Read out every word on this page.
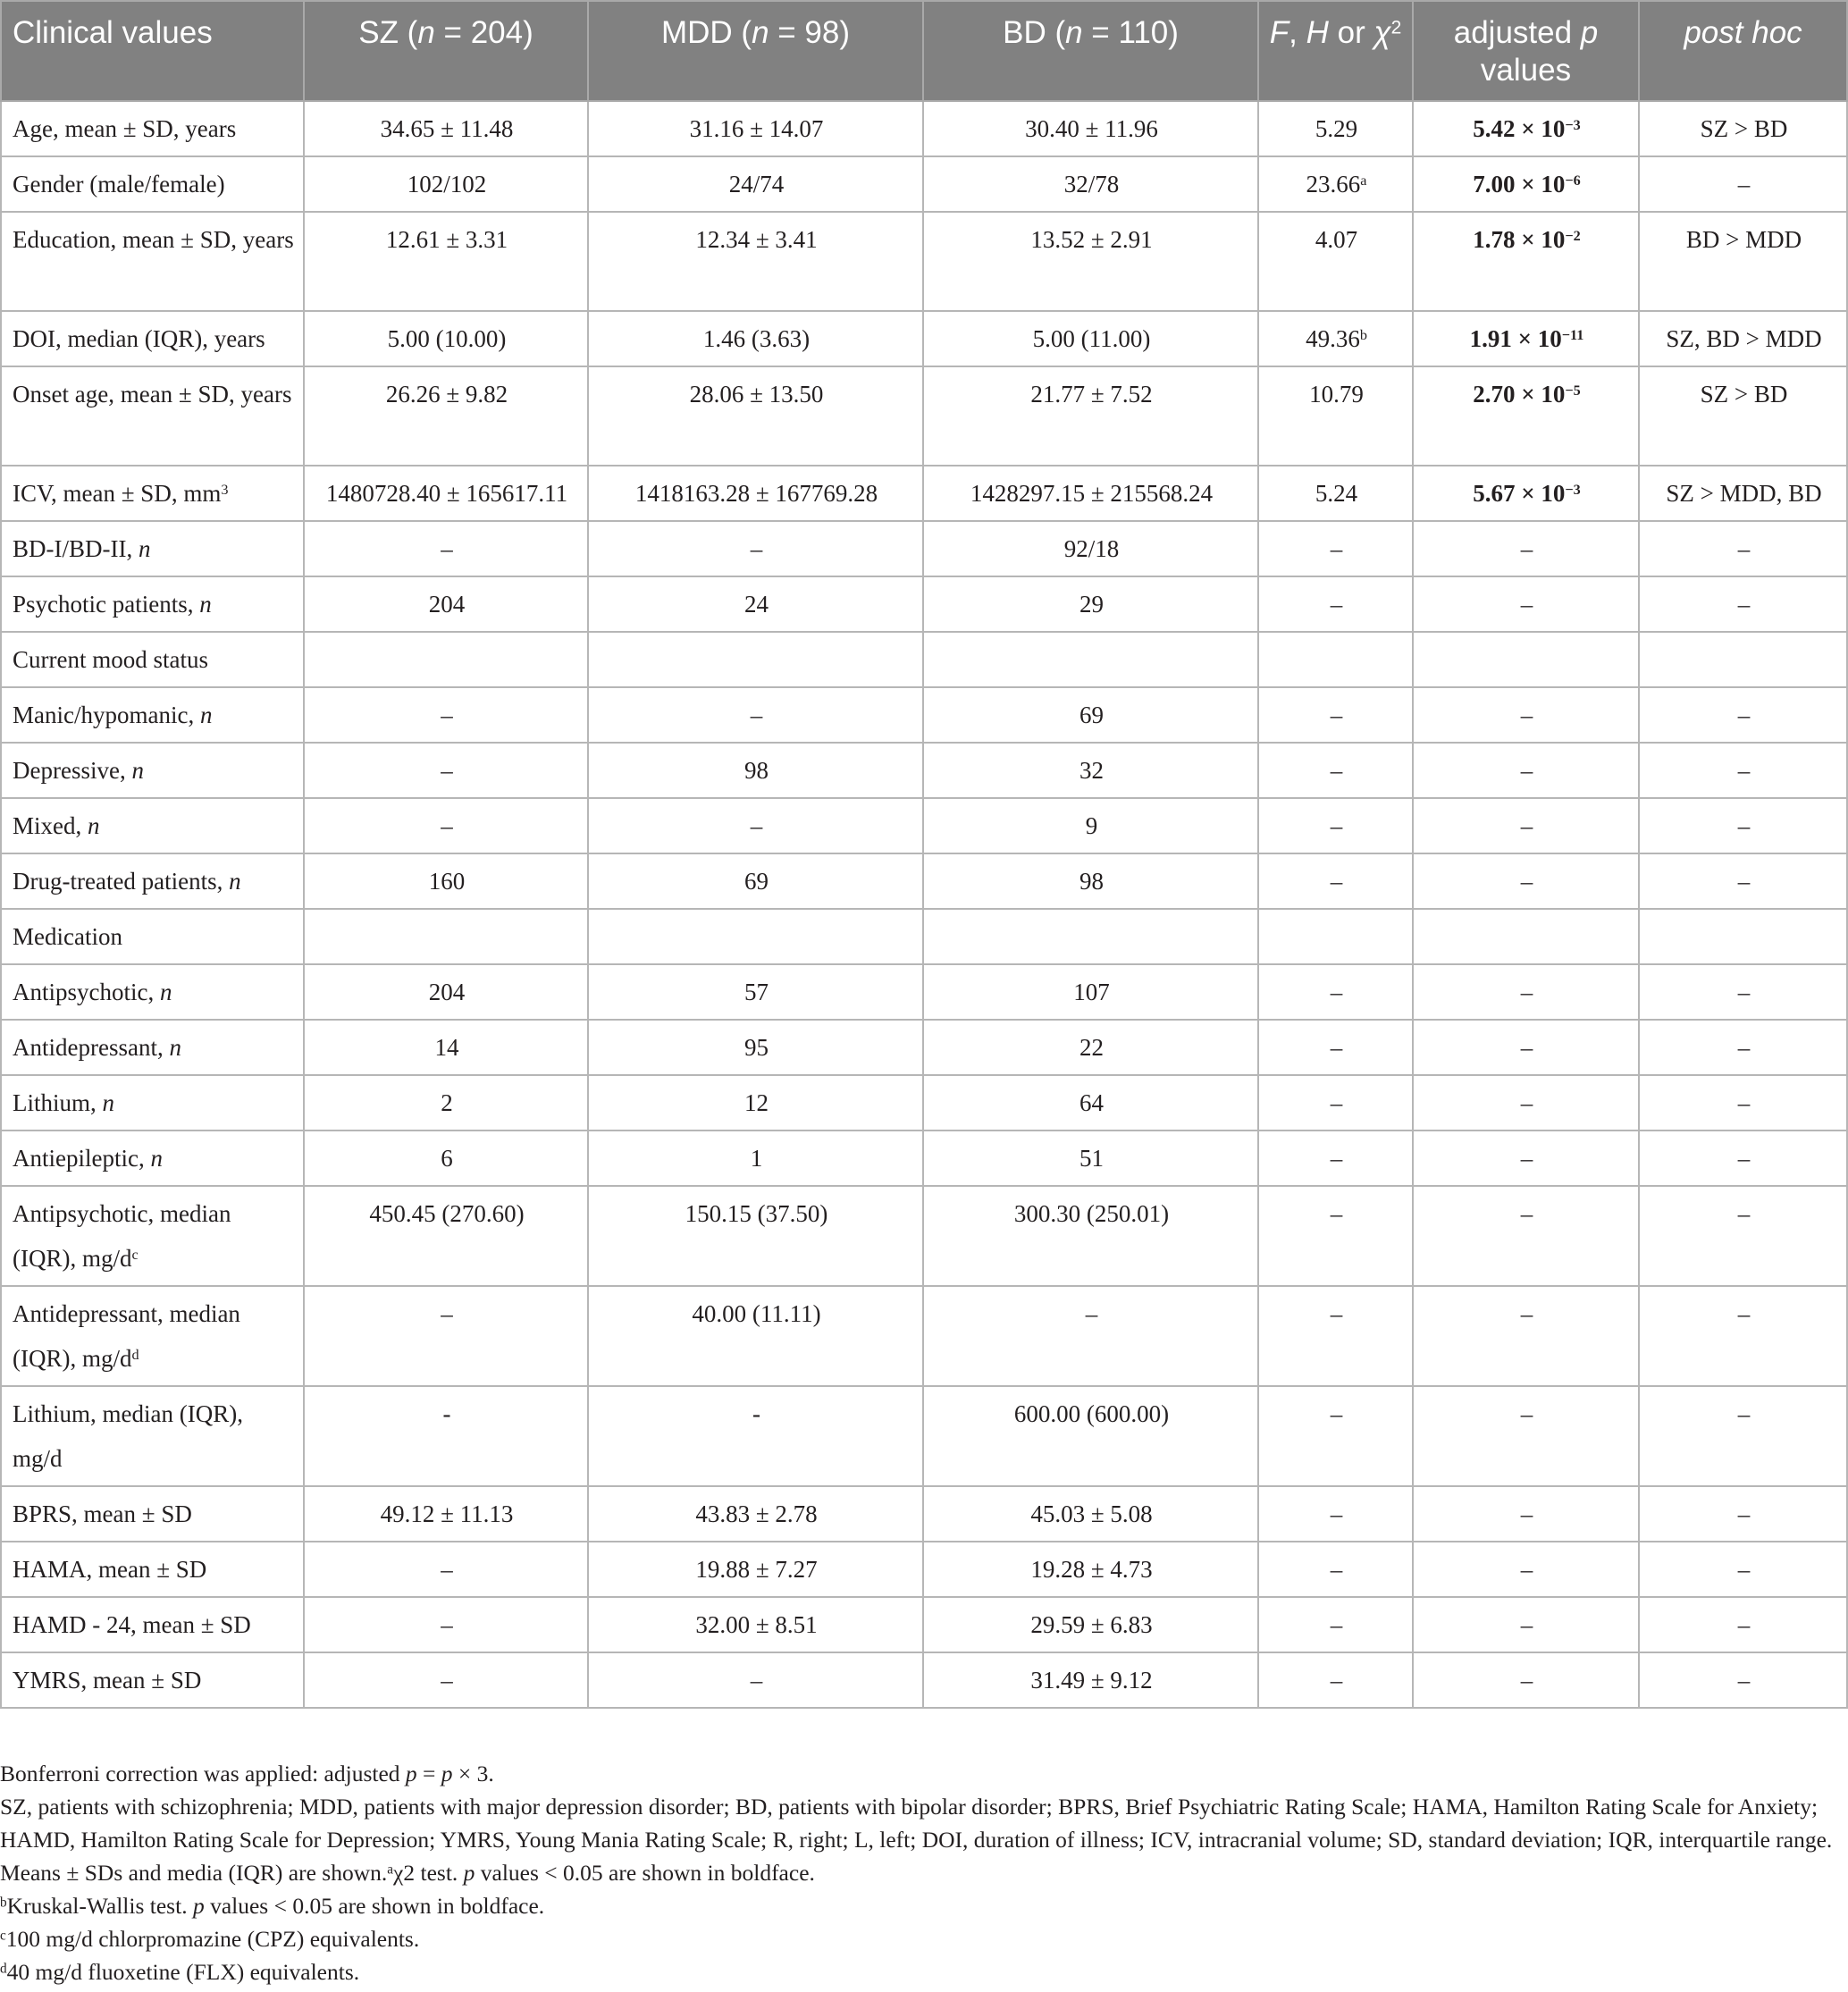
Clinical values	SZ (n = 204)	MDD (n = 98)	BD (n = 110)	F, H or $\chi^2$	adjusted p values	post hoc
Age, mean ± SD, years	34.65 ± 11.48	31.16 ± 14.07	30.40 ± 11.96	5.29	$5.42 \times 10^{-3}$	SZ > BD
Gender (male/female)	102/102	24/74	32/78	23.66$^a$	$7.00 \times 10^{-6}$	–
Education, mean ± SD, years	12.61 ± 3.31	12.34 ± 3.41	13.52 ± 2.91	4.07	$1.78 \times 10^{-2}$	BD > MDD
DOI, median (IQR), years	5.00 (10.00)	1.46 (3.63)	5.00 (11.00)	49.36$^b$	$1.91 \times 10^{-11}$	SZ, BD > MDD
Onset age, mean ± SD, years	26.26 ± 9.82	28.06 ± 13.50	21.77 ± 7.52	10.79	$2.70 \times 10^{-5}$	SZ > BD
ICV, mean ± SD, $mm^3$	1480728.40 ± 165617.11	1418163.28 ± 167769.28	1428297.15 ± 215568.24	5.24	$5.67 \times 10^{-3}$	SZ > MDD, BD
BD-I/BD-II, n	–	–	92/18	–	–	–
Psychotic patients, n	204	24	29	–	–	–
Current mood status						
Manic/hypomanic, n	–	–	69	–	–	–
Depressive, n	–	98	32	–	–	–
Mixed, n	–	–	9	–	–	–
Drug-treated patients, n	160	69	98	–	–	–
Medication						
Antipsychotic, n	204	57	107	–	–	–
Antidepressant, n	14	95	22	–	–	–
Lithium, n	2	12	64	–	–	–
Antiepileptic, n	6	1	51	–	–	–
Antipsychotic, median (IQR), $mg/d^c$	450.45 (270.60)	150.15 (37.50)	300.30 (250.01)	–	–	–
Antidepressant, median (IQR), $mg/d^d$	–	40.00 (11.11)	–	–	–	–
Lithium, median (IQR), mg/d	-	-	600.00 (600.00)	–	–	–
BPRS, mean ± SD	49.12 ± 11.13	43.83 ± 2.78	45.03 ± 5.08	–	–	–
HAMA, mean ± SD	–	19.88 ± 7.27	19.28 ± 4.73	–	–	–
HAMD - 24, mean ± SD	–	32.00 ± 8.51	29.59 ± 6.83	–	–	–
YMRS, mean ± SD	–	–	31.49 ± 9.12	–	–	–

Bonferroni correction was applied: adjusted p = p × 3.

SZ, patients with schizophrenia; MDD, patients with major depression disorder; BD, patients with bipolar disorder; BPRS, Brief Psychiatric Rating Scale; HAMA, Hamilton Rating Scale for Anxiety; HAMD, Hamilton Rating Scale for Depression; YMRS, Young Mania Rating Scale; R, right; L, left; DOI, duration of illness; ICV, intracranial volume; SD, standard deviation; IQR, interquartile range. Means ± SDs and media (IQR) are shown.$^a$χ2 test. p values < 0.05 are shown in boldface.

$^b$Kruskal-Wallis test. p values < 0.05 are shown in boldface.

$^c$100 mg/d chlorpromazine (CPZ) equivalents.

$^d$40 mg/d fluoxetine (FLX) equivalents.
